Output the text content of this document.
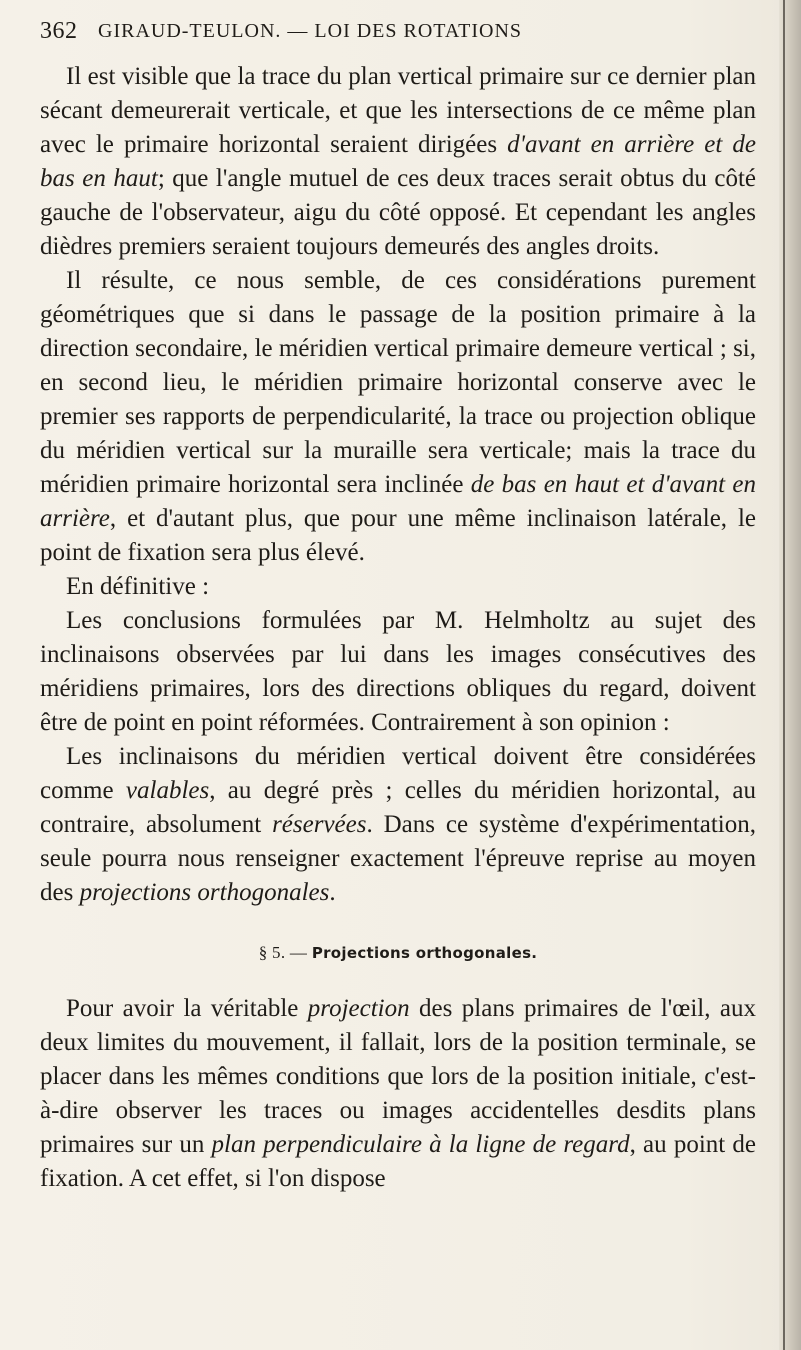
362 GIRAUD-TEULON. — LOI DES ROTATIONS

Il est visible que la trace du plan vertical primaire sur ce dernier plan sécant demeurerait verticale, et que les intersections de ce même plan avec le primaire horizontal seraient dirigées d'avant en arrière et de bas en haut; que l'angle mutuel de ces deux traces serait obtus du côté gauche de l'observateur, aigu du côté opposé. Et cependant les angles dièdres premiers seraient toujours demeurés des angles droits.

Il résulte, ce nous semble, de ces considérations purement géométriques que si dans le passage de la position primaire à la direction secondaire, le méridien vertical primaire demeure vertical ; si, en second lieu, le méridien primaire horizontal conserve avec le premier ses rapports de perpendicularité, la trace ou projection oblique du méridien vertical sur la muraille sera verticale; mais la trace du méridien primaire horizontal sera inclinée de bas en haut et d'avant en arrière, et d'autant plus, que pour une même inclinaison latérale, le point de fixation sera plus élevé.

En définitive :

Les conclusions formulées par M. Helmholtz au sujet des inclinaisons observées par lui dans les images consécutives des méridiens primaires, lors des directions obliques du regard, doivent être de point en point réformées. Contrairement à son opinion :

Les inclinaisons du méridien vertical doivent être considérées comme valables, au degré près ; celles du méridien horizontal, au contraire, absolument réservées. Dans ce système d'expérimentation, seule pourra nous renseigner exactement l'épreuve reprise au moyen des projections orthogonales.

§ 5. — Projections orthogonales.

Pour avoir la véritable projection des plans primaires de l'œil, aux deux limites du mouvement, il fallait, lors de la position terminale, se placer dans les mêmes conditions que lors de la position initiale, c'est-à-dire observer les traces ou images accidentelles desdits plans primaires sur un plan perpendiculaire à la ligne de regard, au point de fixation. A cet effet, si l'on dispose
